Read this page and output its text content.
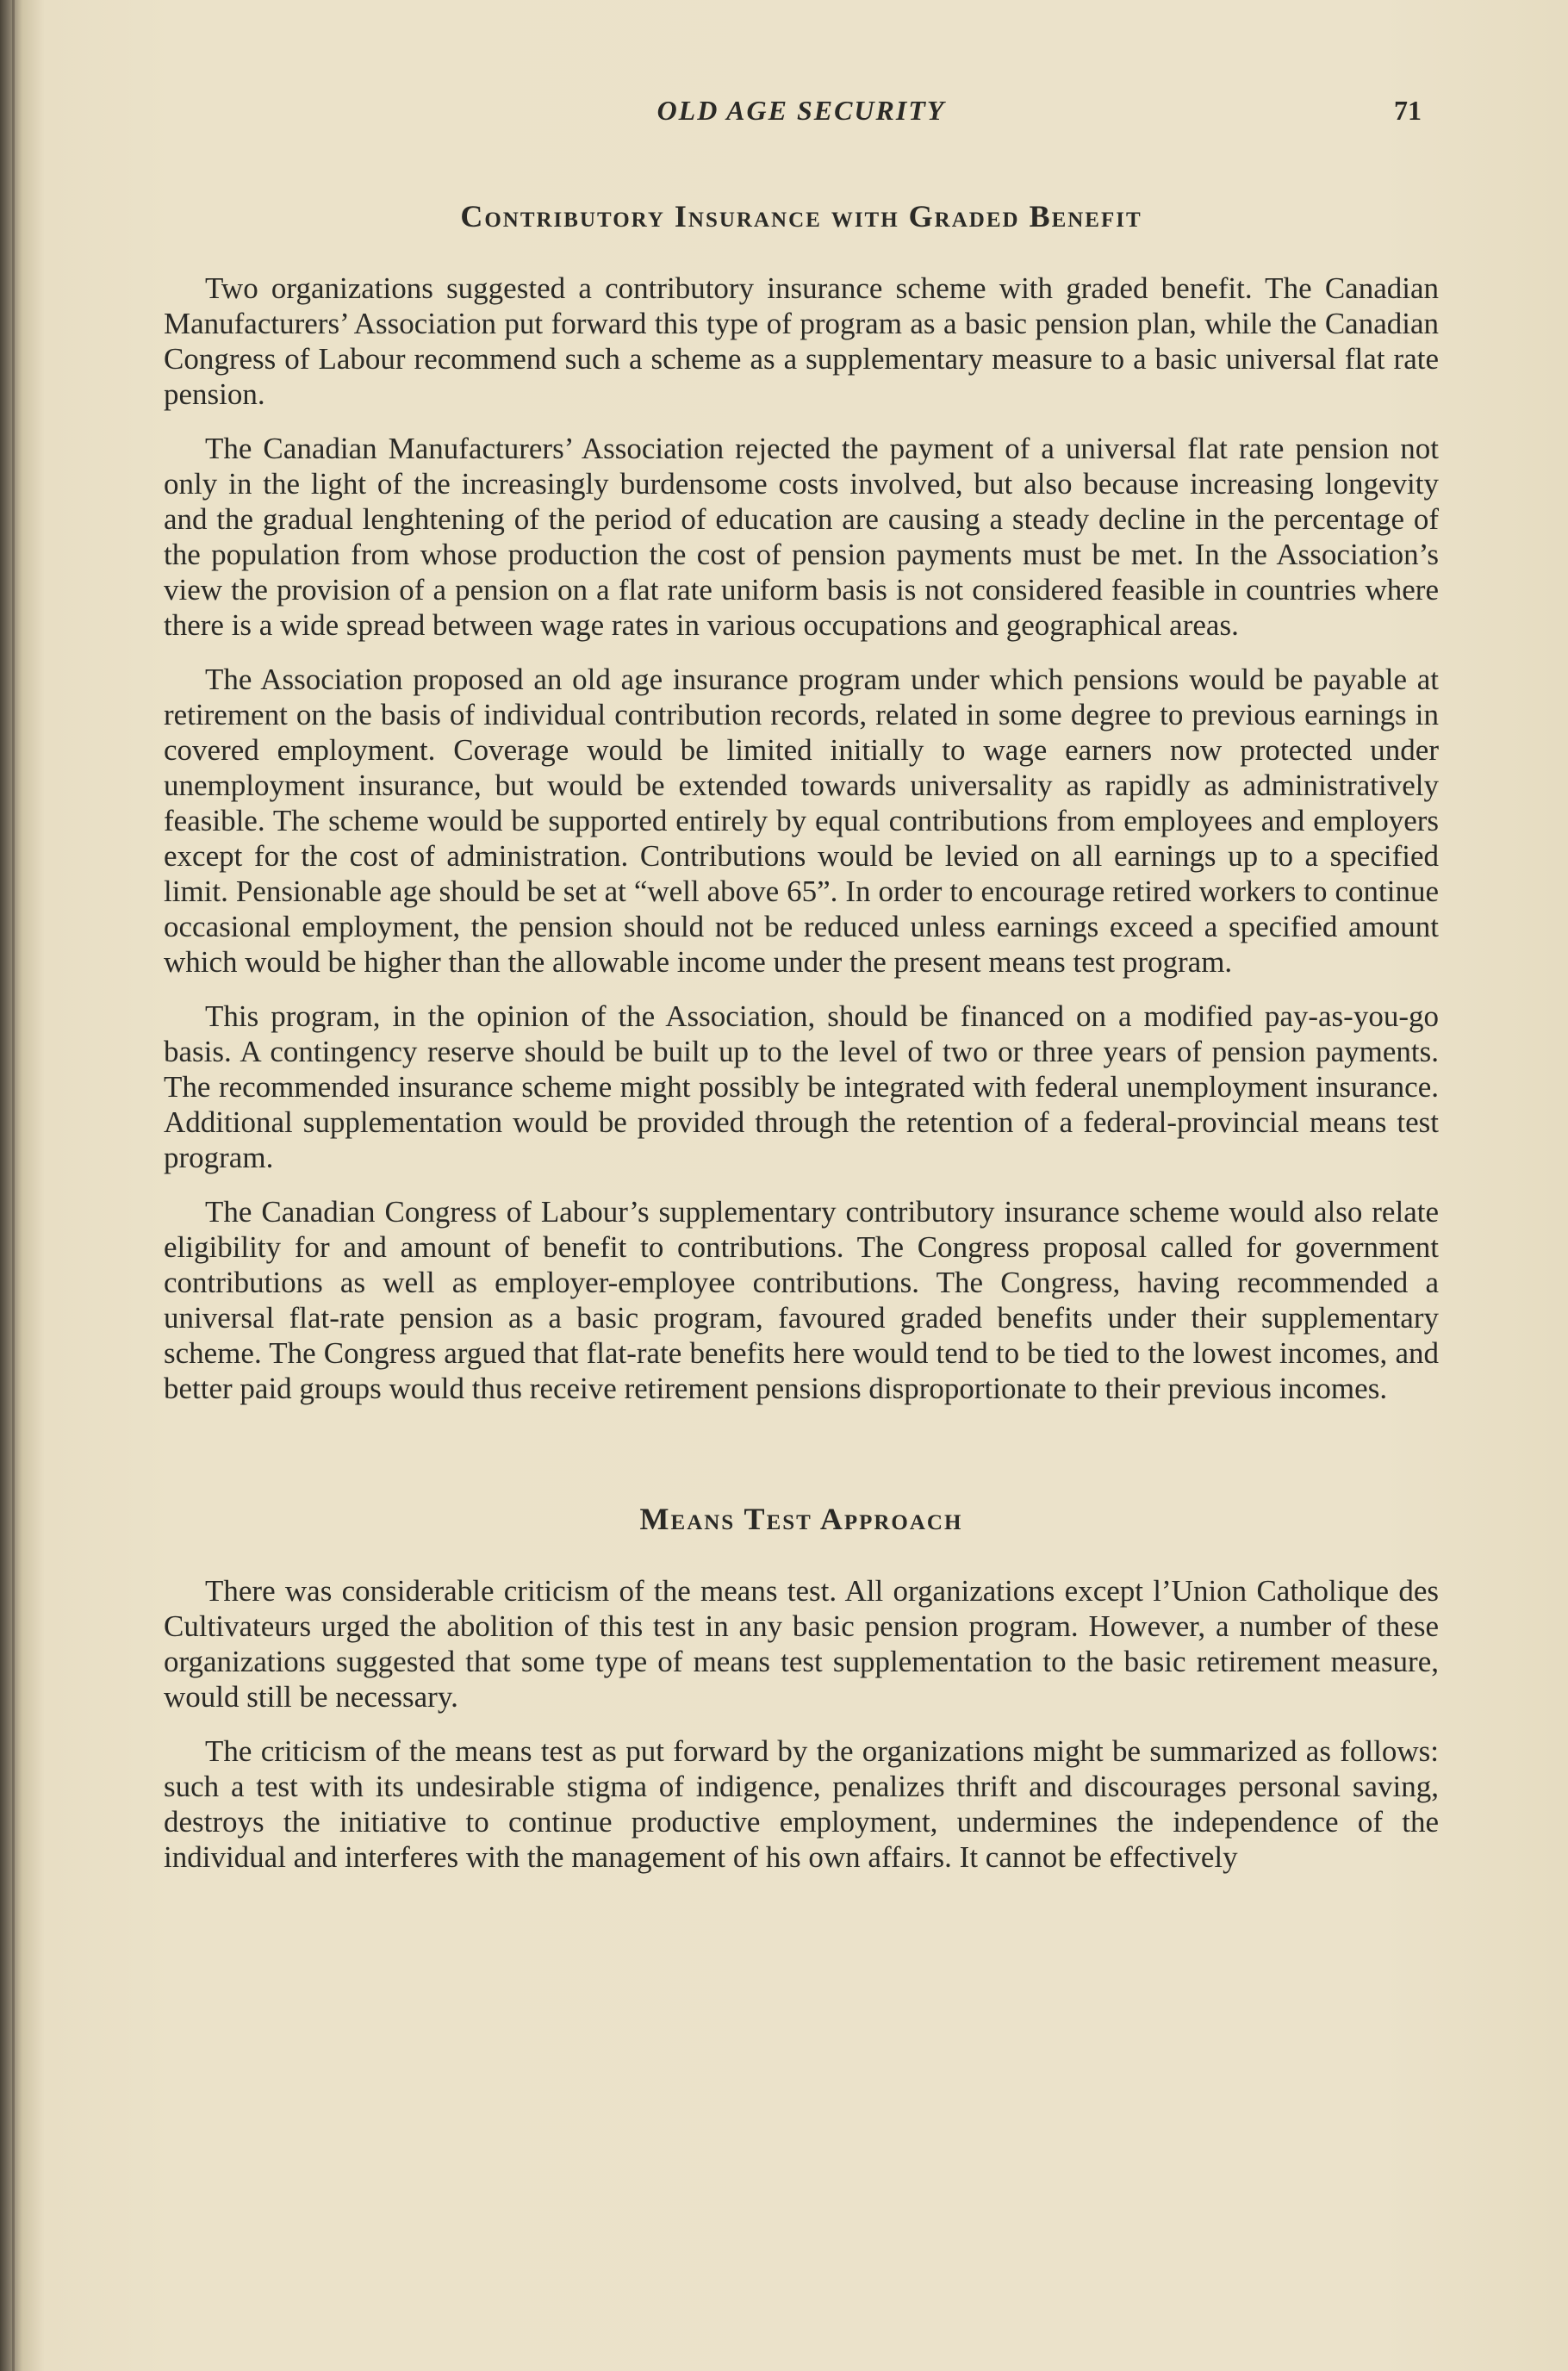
OLD AGE SECURITY	71
Contributory Insurance with Graded Benefit

Two organizations suggested a contributory insurance scheme with graded benefit. The Canadian Manufacturers’ Association put forward this type of program as a basic pension plan, while the Canadian Congress of Labour recommend such a scheme as a supplementary measure to a basic universal flat rate pension.

The Canadian Manufacturers’ Association rejected the payment of a universal flat rate pension not only in the light of the increasingly burdensome costs involved, but also because increasing longevity and the gradual lenghtening of the period of education are causing a steady decline in the percentage of the population from whose production the cost of pension payments must be met. In the Association’s view the provision of a pension on a flat rate uniform basis is not considered feasible in countries where there is a wide spread between wage rates in various occupations and geographical areas.

The Association proposed an old age insurance program under which pensions would be payable at retirement on the basis of individual contribution records, related in some degree to previous earnings in covered employment. Coverage would be limited initially to wage earners now protected under unemployment insurance, but would be extended towards universality as rapidly as administratively feasible. The scheme would be supported entirely by equal contributions from employees and employers except for the cost of administration. Contributions would be levied on all earnings up to a specified limit. Pensionable age should be set at “well above 65”. In order to encourage retired workers to continue occasional employment, the pension should not be reduced unless earnings exceed a specified amount which would be higher than the allowable income under the present means test program.

This program, in the opinion of the Association, should be financed on a modified pay-as-you-go basis. A contingency reserve should be built up to the level of two or three years of pension payments. The recommended insurance scheme might possibly be integrated with federal unemployment insurance. Additional supplementation would be provided through the retention of a federal-provincial means test program.

The Canadian Congress of Labour’s supplementary contributory insurance scheme would also relate eligibility for and amount of benefit to contributions. The Congress proposal called for government contributions as well as employer-employee contributions. The Congress, having recommended a universal flat-rate pension as a basic program, favoured graded benefits under their supplementary scheme. The Congress argued that flat-rate benefits here would tend to be tied to the lowest incomes, and better paid groups would thus receive retirement pensions disproportionate to their previous incomes.

Means Test Approach

There was considerable criticism of the means test. All organizations except l’Union Catholique des Cultivateurs urged the abolition of this test in any basic pension program. However, a number of these organizations suggested that some type of means test supplementation to the basic retirement measure, would still be necessary.

The criticism of the means test as put forward by the organizations might be summarized as follows: such a test with its undesirable stigma of indigence, penalizes thrift and discourages personal saving, destroys the initiative to continue productive employment, undermines the independence of the individual and interferes with the management of his own affairs. It cannot be effectively
